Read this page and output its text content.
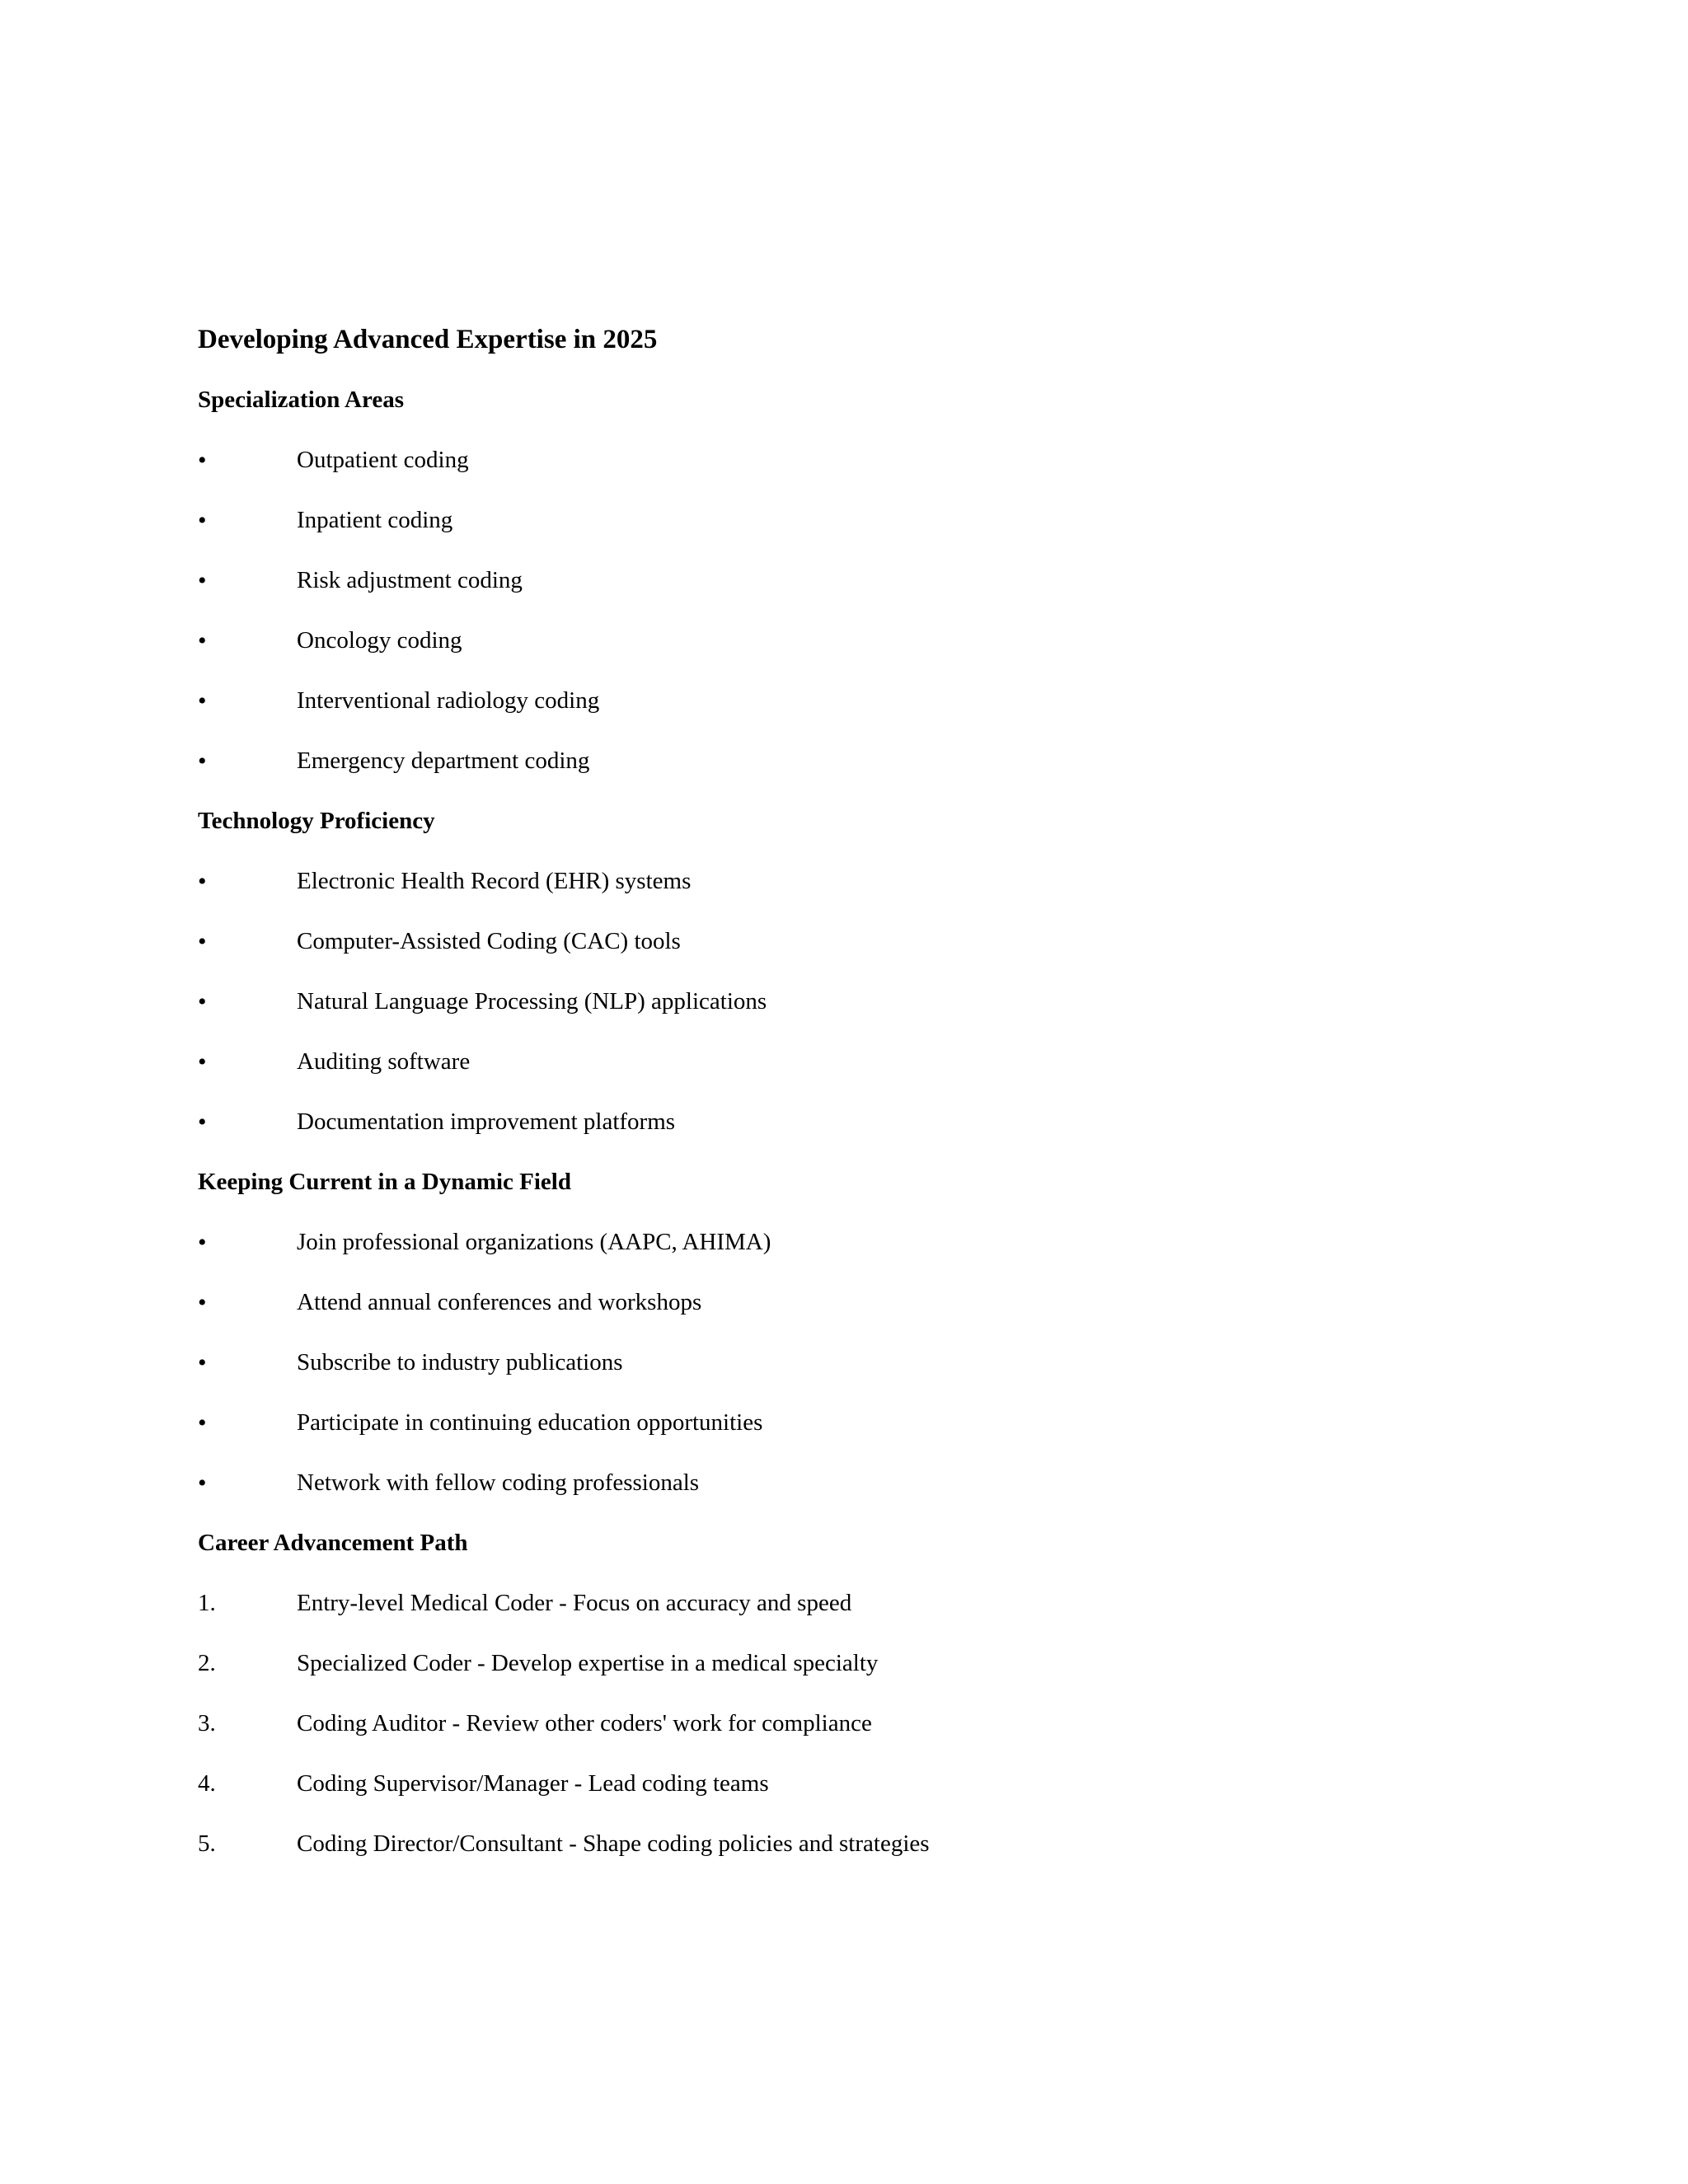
Developing Advanced Expertise in 2025
Specialization Areas
•	Outpatient coding
•	Inpatient coding
•	Risk adjustment coding
•	Oncology coding
•	Interventional radiology coding
•	Emergency department coding
Technology Proficiency
•	Electronic Health Record (EHR) systems
•	Computer-Assisted Coding (CAC) tools
•	Natural Language Processing (NLP) applications
•	Auditing software
•	Documentation improvement platforms
Keeping Current in a Dynamic Field
•	Join professional organizations (AAPC, AHIMA)
•	Attend annual conferences and workshops
•	Subscribe to industry publications
•	Participate in continuing education opportunities
•	Network with fellow coding professionals
Career Advancement Path
1.	Entry-level Medical Coder - Focus on accuracy and speed
2.	Specialized Coder - Develop expertise in a medical specialty
3.	Coding Auditor - Review other coders' work for compliance
4.	Coding Supervisor/Manager - Lead coding teams
5.	Coding Director/Consultant - Shape coding policies and strategies
